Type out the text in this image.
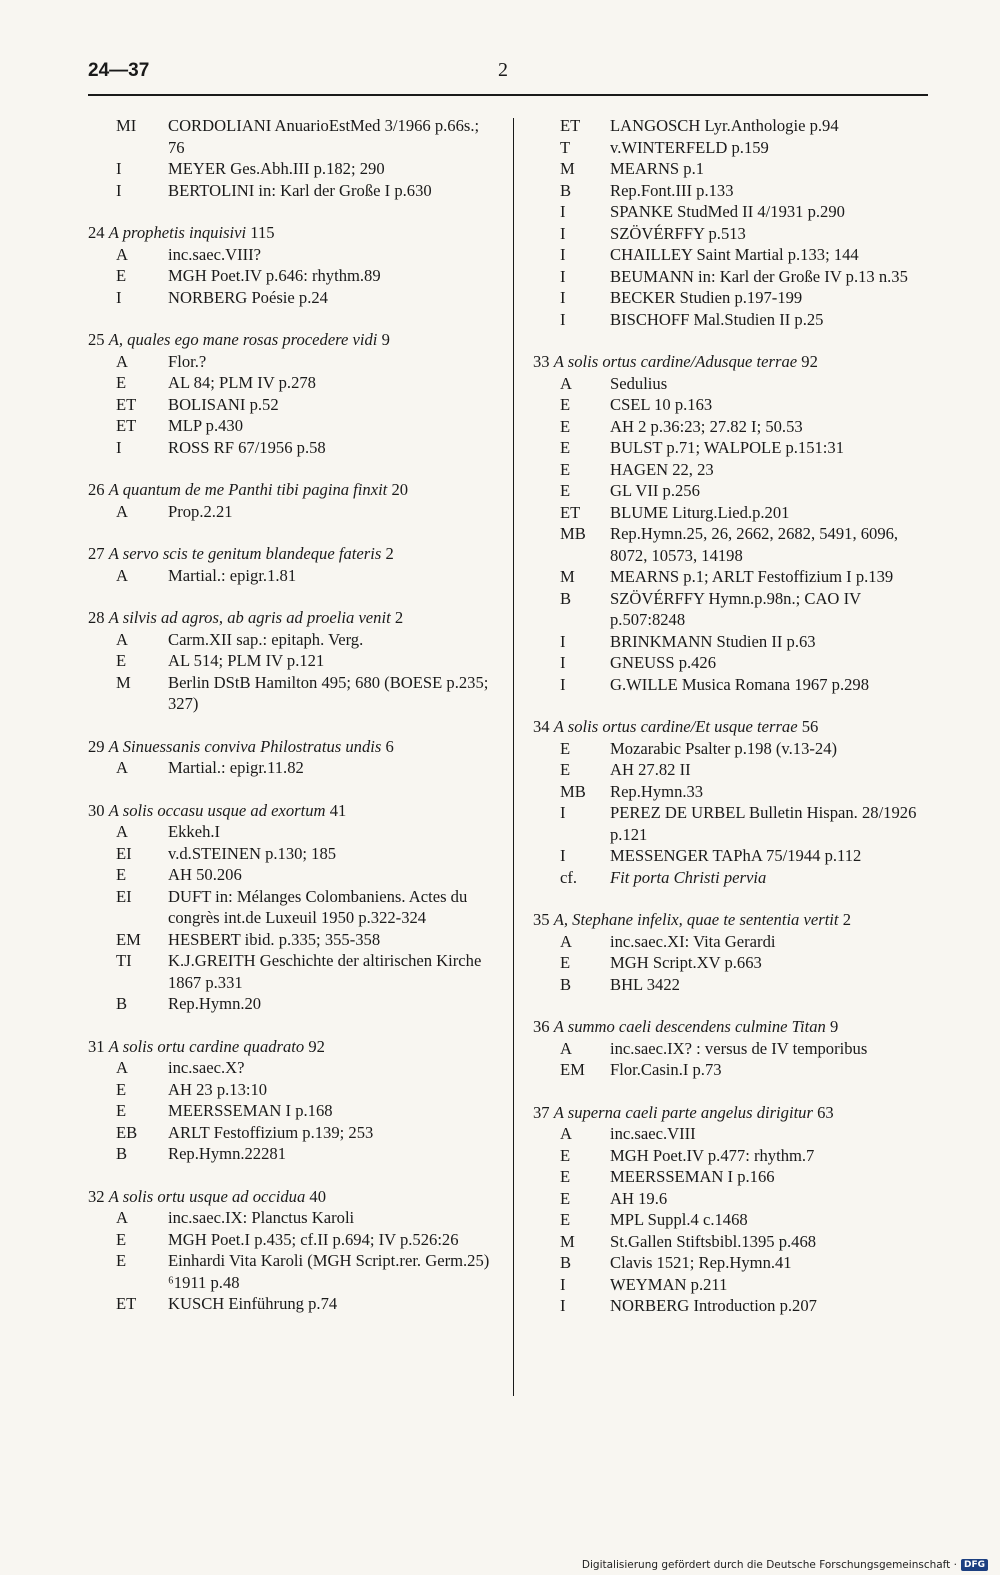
24—37	2
MI	CORDOLIANI AnuarioEstMed 3/1966 p.66s.; 76
I	MEYER Ges.Abh.III p.182; 290
I	BERTOLINI in: Karl der Große I p.630
24 A prophetis inquisivi 115
A	inc.saec.VIII?
E	MGH Poet.IV p.646: rhythm.89
I	NORBERG Poésie p.24
25 A, quales ego mane rosas procedere vidi 9
A	Flor.?
E	AL 84; PLM IV p.278
ET	BOLISANI p.52
ET	MLP p.430
I	ROSS RF 67/1956 p.58
26 A quantum de me Panthi tibi pagina finxit 20
A	Prop.2.21
27 A servo scis te genitum blandeque fateris 2
A	Martial.: epigr.1.81
28 A silvis ad agros, ab agris ad proelia venit 2
A	Carm.XII sap.: epitaph. Verg.
E	AL 514; PLM IV p.121
M	Berlin DStB Hamilton 495; 680 (BOESE p.235; 327)
29 A Sinuessanis conviva Philostratus undis 6
A	Martial.: epigr.11.82
30 A solis occasu usque ad exortum 41
A	Ekkeh.I
EI	v.d.STEINEN p.130; 185
E	AH 50.206
EI	DUFT in: Mélanges Colombaniens. Actes du congrès int.de Luxeuil 1950 p.322-324
EM	HESBERT ibid. p.335; 355-358
TI	K.J.GREITH Geschichte der altirischen Kirche 1867 p.331
B	Rep.Hymn.20
31 A solis ortu cardine quadrato 92
A	inc.saec.X?
E	AH 23 p.13:10
E	MEERSSEMAN I p.168
EB	ARLT Festoffizium p.139; 253
B	Rep.Hymn.22281
32 A solis ortu usque ad occidua 40
A	inc.saec.IX: Planctus Karoli
E	MGH Poet.I p.435; cf.II p.694; IV p.526:26
E	Einhardi Vita Karoli (MGH Script.rer. Germ.25) ⁶1911 p.48
ET	KUSCH Einführung p.74
ET	LANGOSCH Lyr.Anthologie p.94
T	v.WINTERFELD p.159
M	MEARNS p.1
B	Rep.Font.III p.133
I	SPANKE StudMed II 4/1931 p.290
I	SZÖVÉRFFY p.513
I	CHAILLEY Saint Martial p.133; 144
I	BEUMANN in: Karl der Große IV p.13 n.35
I	BECKER Studien p.197-199
I	BISCHOFF Mal.Studien II p.25
33 A solis ortus cardine/Adusque terrae 92
A	Sedulius
E	CSEL 10 p.163
E	AH 2 p.36:23; 27.82 I; 50.53
E	BULST p.71; WALPOLE p.151:31
E	HAGEN 22, 23
E	GL VII p.256
ET	BLUME Liturg.Lied.p.201
MB	Rep.Hymn.25, 26, 2662, 2682, 5491, 6096, 8072, 10573, 14198
M	MEARNS p.1; ARLT Festoffizium I p.139
B	SZÖVÉRFFY Hymn.p.98n.; CAO IV p.507:8248
I	BRINKMANN Studien II p.63
I	GNEUSS p.426
I	G.WILLE Musica Romana 1967 p.298
34 A solis ortus cardine/Et usque terrae 56
E	Mozarabic Psalter p.198 (v.13-24)
E	AH 27.82 II
MB	Rep.Hymn.33
I	PEREZ DE URBEL Bulletin Hispan. 28/1926 p.121
I	MESSENGER TAPhA 75/1944 p.112
cf.	Fit porta Christi pervia
35 A, Stephane infelix, quae te sententia vertit 2
A	inc.saec.XI: Vita Gerardi
E	MGH Script.XV p.663
B	BHL 3422
36 A summo caeli descendens culmine Titan 9
A	inc.saec.IX? : versus de IV temporibus
EM	Flor.Casin.I p.73
37 A superna caeli parte angelus dirigitur 63
A	inc.saec.VIII
E	MGH Poet.IV p.477: rhythm.7
E	MEERSSEMAN I p.166
E	AH 19.6
E	MPL Suppl.4 c.1468
M	St.Gallen Stiftsbibl.1395 p.468
B	Clavis 1521; Rep.Hymn.41
I	WEYMAN p.211
I	NORBERG Introduction p.207
Digitalisierung gefördert durch die Deutsche Forschungsgemeinschaft · DFG
